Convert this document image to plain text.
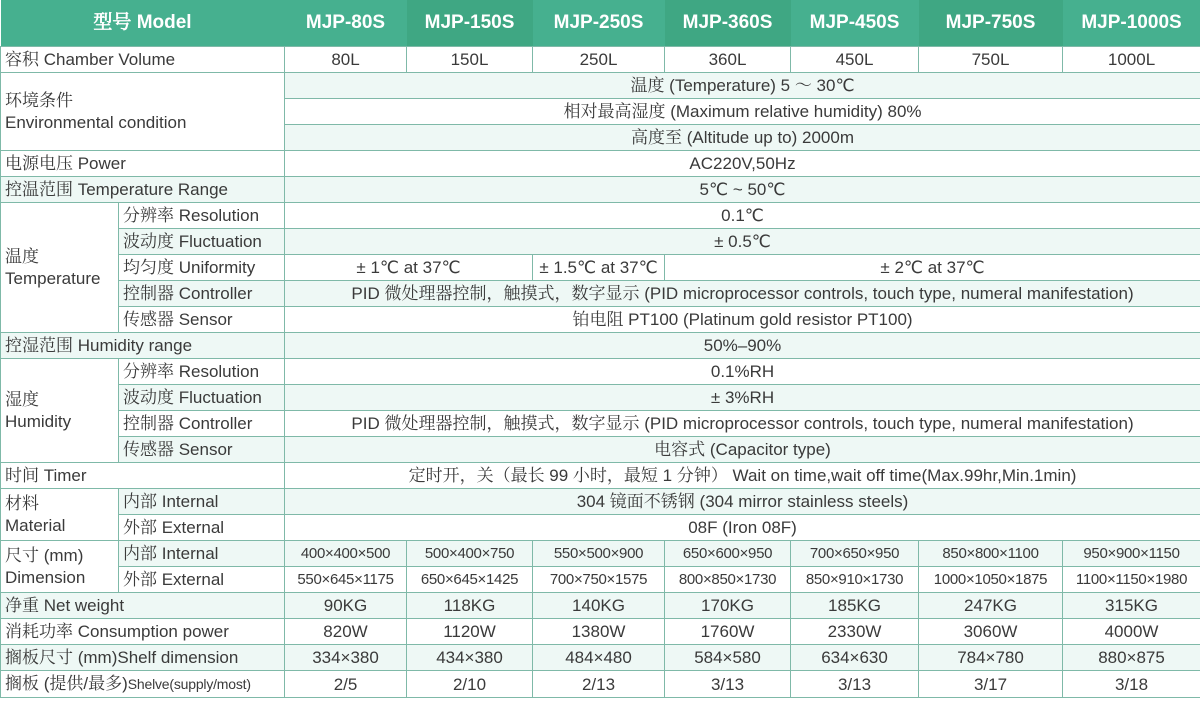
型号 Model		MJP-80S	MJP-150S	MJP-250S	MJP-360S	MJP-450S	MJP-750S	MJP-1000S
容积 Chamber Volume		80L	150L	250L	360L	450L	750L	1000L

环境条件
Environmental condition		温度 (Temperature) 5 ～ 30℃						
		相对最高湿度 (Maximum relative humidity) 80%						
		高度至 (Altitude up to) 2000m						
电源电压 Power		AC220V,50Hz						
控温范围 Temperature Range		5℃ ~ 50℃						

温度
Temperature	分辨率 Resolution	0.1℃						
	波动度 Fluctuation	± 0.5℃						
	均匀度 Uniformity	± 1℃ at 37℃		± 1.5℃ at 37℃	± 2℃ at 37℃			
	控制器 Controller	PID 微处理器控制，触摸式，数字显示 (PID microprocessor controls, touch type, numeral manifestation)						
	传感器 Sensor	铂电阻 PT100 (Platinum gold resistor PT100)						
控湿范围 Humidity range		50%–90%						

湿度
Humidity	分辨率 Resolution	0.1%RH						
	波动度 Fluctuation	± 3%RH						
	控制器 Controller	PID 微处理器控制，触摸式，数字显示 (PID microprocessor controls, touch type, numeral manifestation)						
	传感器 Sensor	电容式 (Capacitor type)						
时间 Timer		定时开，关（最长 99 小时，最短 1 分钟） Wait on time,wait off time(Max.99hr,Min.1min)						

材料
Material	内部 Internal	304 镜面不锈钢 (304 mirror stainless steels)						
	外部 External	08F (Iron 08F)						

尺寸 (mm)
Dimension	内部 Internal	400×400×500	500×400×750	550×500×900	650×600×950	700×650×950	850×800×1100	950×900×1150
	外部 External	550×645×1175	650×645×1425	700×750×1575	800×850×1730	850×910×1730	1000×1050×1875	1100×1150×1980
净重 Net weight		90KG	118KG	140KG	170KG	185KG	247KG	315KG
消耗功率 Consumption power		820W	1120W	1380W	1760W	2330W	3060W	4000W
搁板尺寸 (mm)Shelf dimension		334×380	434×380	484×480	584×580	634×630	784×780	880×875
搁板 (提供/最多)Shelve(supply/most)		2/5	2/10	2/13	3/13	3/13	3/17	3/18
